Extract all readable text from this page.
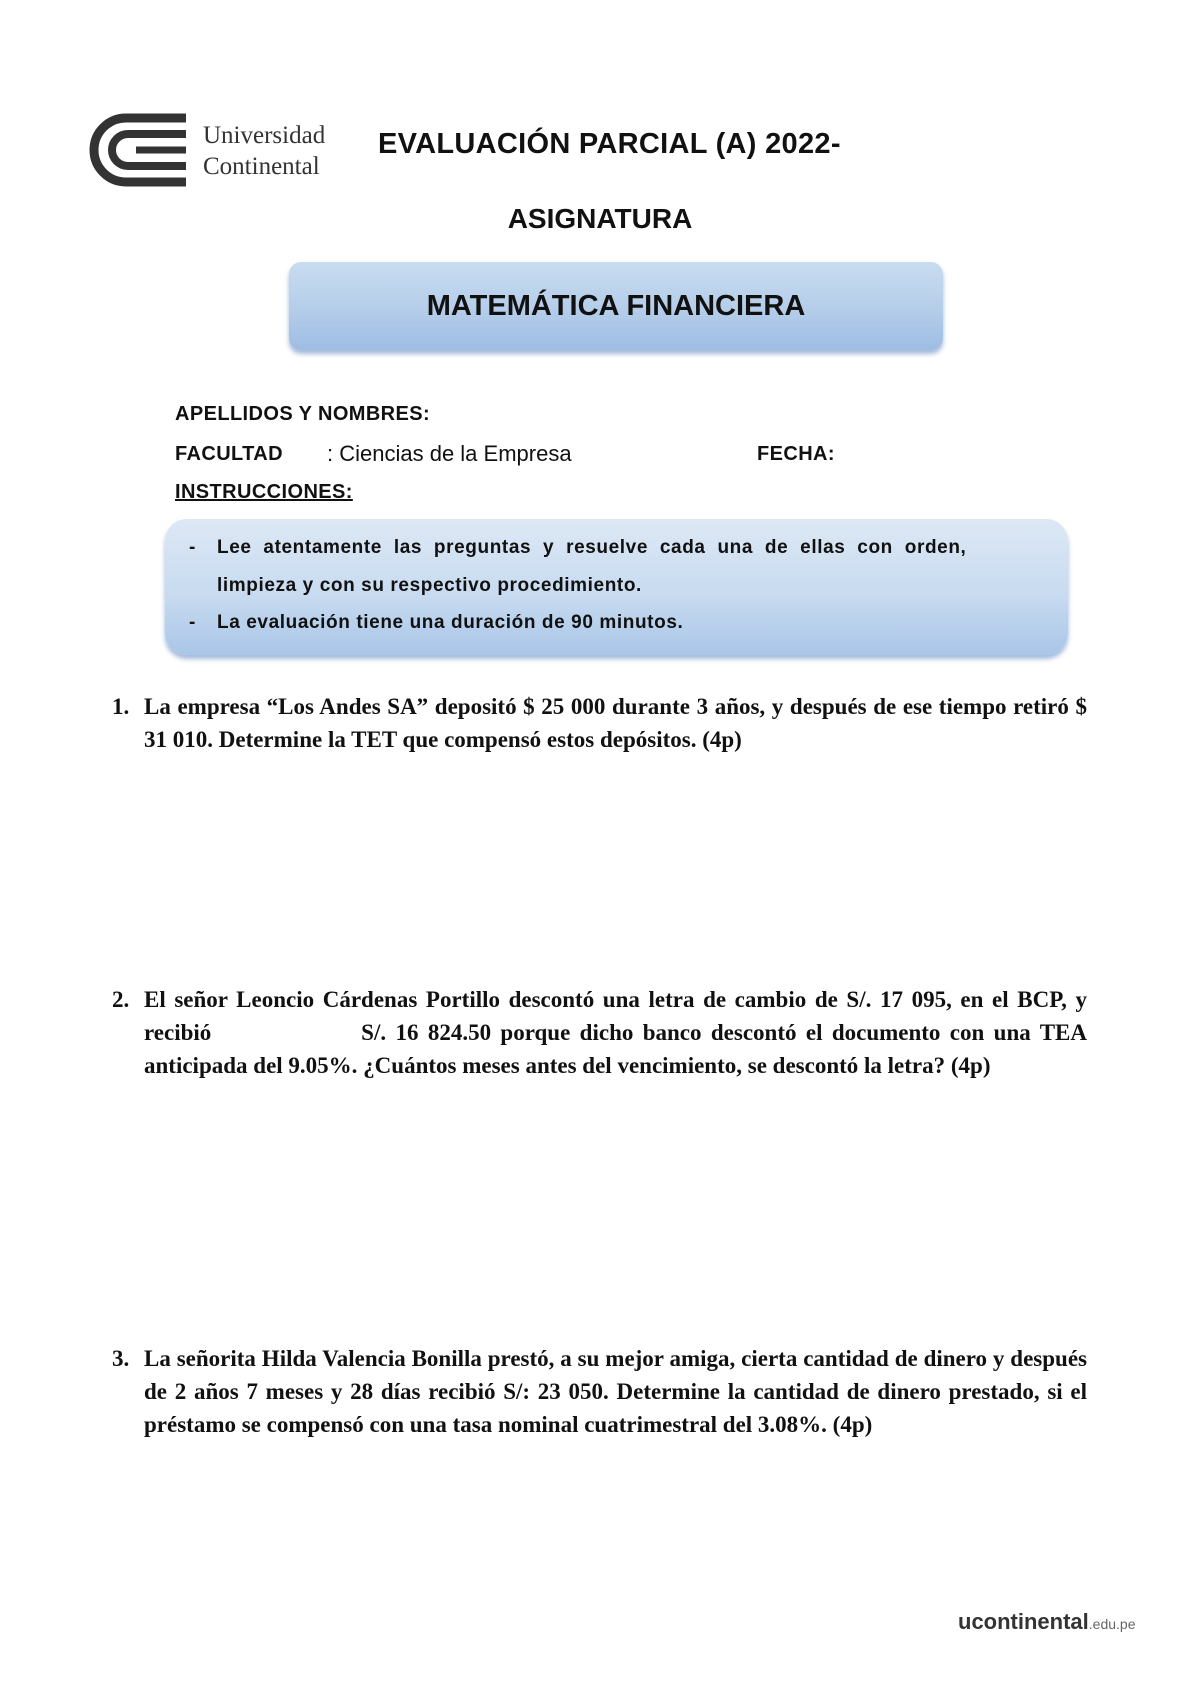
Universidad
Continental
EVALUACIÓN PARCIAL (A) 2022-
ASIGNATURA
MATEMÁTICA FINANCIERA
APELLIDOS Y NOMBRES:
FACULTAD : Ciencias de la Empresa	FECHA:
INSTRUCCIONES:
- Lee atentamente las preguntas y resuelve cada una de ellas con orden,
limpieza y con su respectivo procedimiento.
- La evaluación tiene una duración de 90 minutos.
1. La empresa “Los Andes SA” depositó $ 25 000 durante 3 años, y después de ese tiempo retiró $ 31 010. Determine la TET que compensó estos depósitos. (4p)
2. El señor Leoncio Cárdenas Portillo descontó una letra de cambio de S/. 17 095, en el BCP, y recibió                S/. 16 824.50 porque dicho banco descontó el documento con una TEA anticipada del 9.05%. ¿Cuántos meses antes del vencimiento, se descontó la letra? (4p)
3. La señorita Hilda Valencia Bonilla prestó, a su mejor amiga, cierta cantidad de dinero y después de 2 años 7 meses y 28 días recibió S/: 23 050. Determine la cantidad de dinero prestado, si el préstamo se compensó con una tasa nominal cuatrimestral del 3.08%. (4p)
ucontinental.edu.pe
